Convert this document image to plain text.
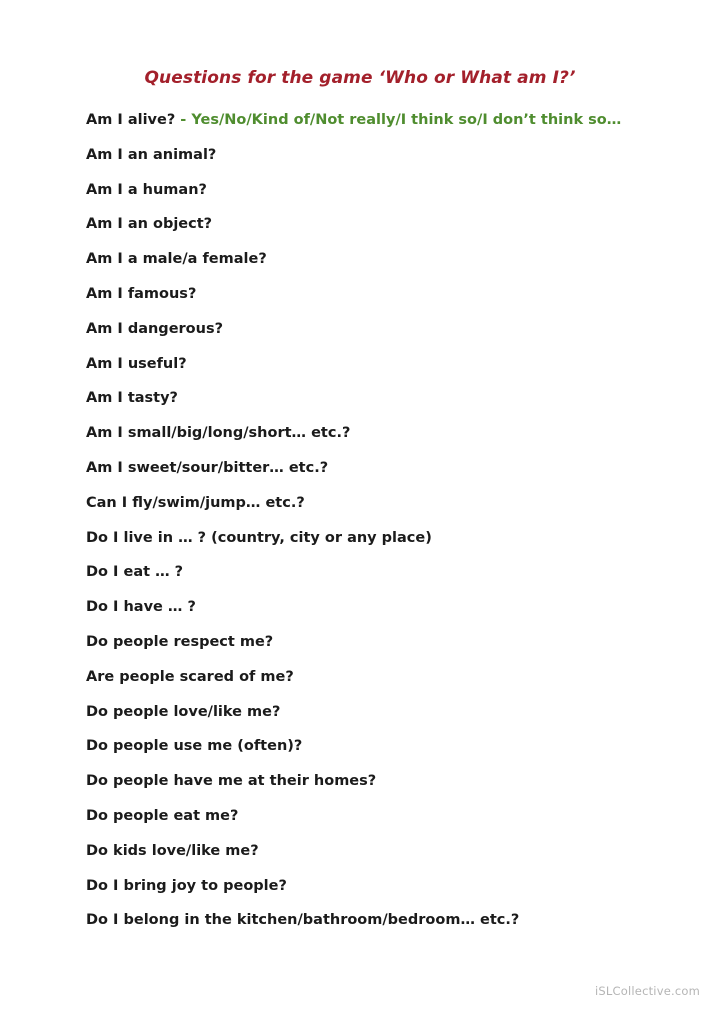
Questions for the game ‘Who or What am I?’
Am I alive? - Yes/No/Kind of/Not really/I think so/I don’t think so…
Am I an animal?
Am I a human?
Am I an object?
Am I a male/a female?
Am I famous?
Am I dangerous?
Am I useful?
Am I tasty?
Am I small/big/long/short… etc.?
Am I sweet/sour/bitter… etc.?
Can I fly/swim/jump… etc.?
Do I live in … ? (country, city or any place)
Do I eat … ?
Do I have … ?
Do people respect me?
Are people scared of me?
Do people love/like me?
Do people use me (often)?
Do people have me at their homes?
Do people eat me?
Do kids love/like me?
Do I bring joy to people?
Do I belong in the kitchen/bathroom/bedroom… etc.?
iSLCollective.com
